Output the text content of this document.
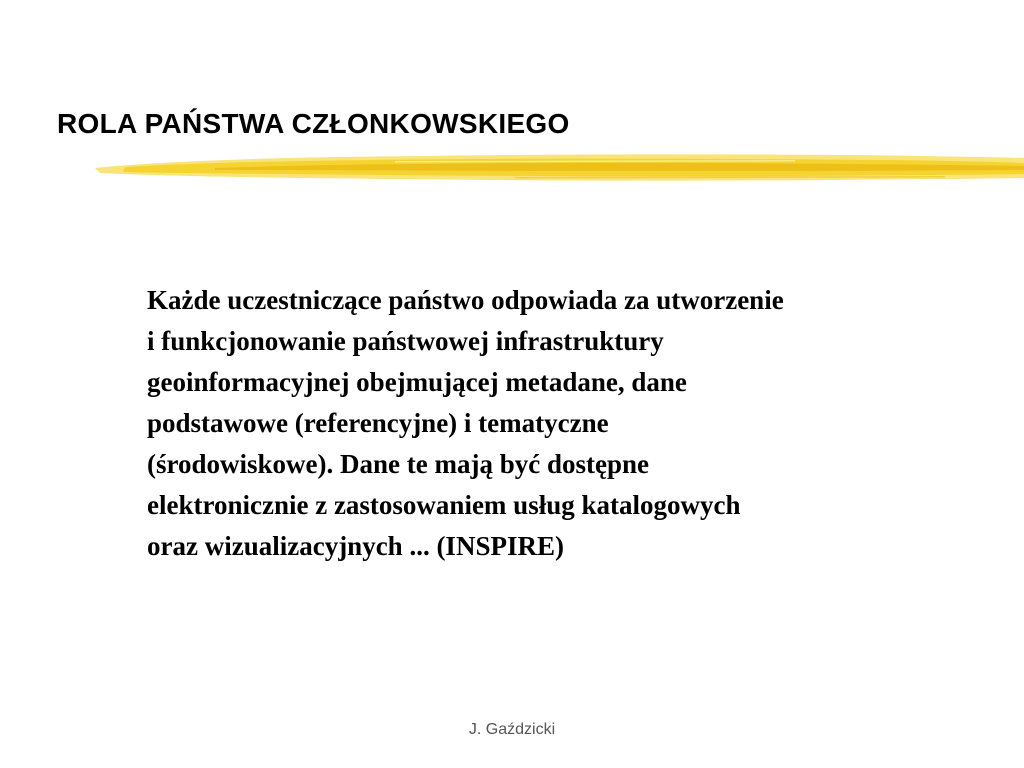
ROLA PAŃSTWA CZŁONKOWSKIEGO
Każde uczestniczące państwo odpowiada za utworzenie
i funkcjonowanie państwowej infrastruktury
geoinformacyjnej obejmującej metadane, dane
podstawowe (referencyjne) i tematyczne
(środowiskowe). Dane te mają być dostępne
elektronicznie z zastosowaniem usług katalogowych
oraz wizualizacyjnych ... (INSPIRE)
J. Gaździcki
